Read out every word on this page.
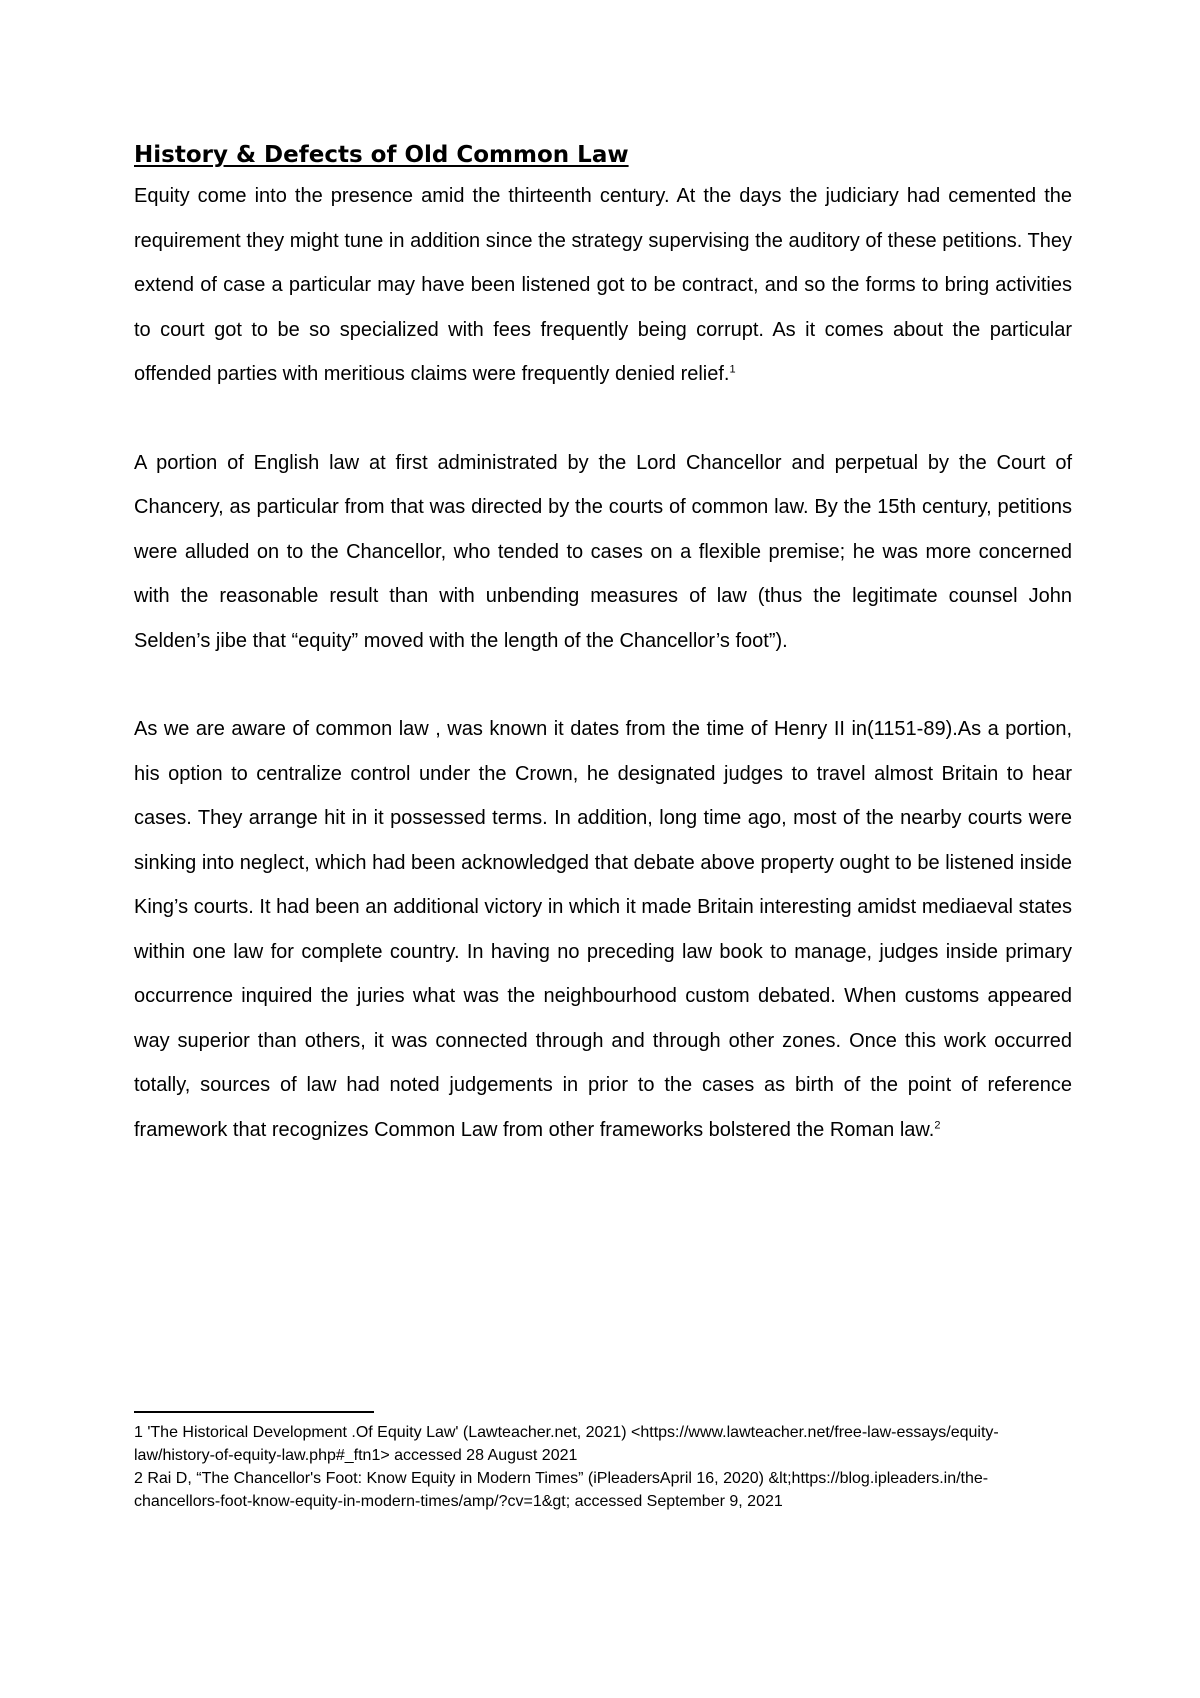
History & Defects of Old Common Law

Equity come into the presence amid the thirteenth century. At the days the judiciary had cemented the requirement they might tune in addition since the strategy supervising the auditory of these petitions. They extend of case a particular may have been listened got to be contract, and so the forms to bring activities to court got to be so specialized with fees frequently being corrupt. As it comes about the particular offended parties with meritious claims were frequently denied relief.$^1$

A portion of English law at first administrated by the Lord Chancellor and perpetual by the Court of Chancery, as particular from that was directed by the courts of common law. By the 15th century, petitions were alluded on to the Chancellor, who tended to cases on a flexible premise; he was more concerned with the reasonable result than with unbending measures of law (thus the legitimate counsel John Selden’s jibe that “equity” moved with the length of the Chancellor’s foot”).

As we are aware of common law , was known it dates from the time of Henry II in(1151-89).As a portion, his option to centralize control under the Crown, he designated judges to travel almost Britain to hear cases. They arrange hit in it possessed terms. In addition, long time ago, most of the nearby courts were sinking into neglect, which had been acknowledged that debate above property ought to be listened inside King’s courts. It had been an additional victory in which it made Britain interesting amidst mediaeval states within one law for complete country. In having no preceding law book to manage, judges inside primary occurrence inquired the juries what was the neighbourhood custom debated. When customs appeared way superior than others, it was connected through and through other zones. Once this work occurred totally, sources of law had noted judgements in prior to the cases as birth of the point of reference framework that recognizes Common Law from other frameworks bolstered the Roman law.$^2$

1 'The Historical Development .Of Equity Law' (Lawteacher.net, 2021) <https://www.lawteacher.net/free-law-essays/equity-law/history-of-equity-law.php#_ftn1> accessed 28 August 2021

2 Rai D, “The Chancellor's Foot: Know Equity in Modern Times” (iPleadersApril 16, 2020) &lt;https://blog.ipleaders.in/the-chancellors-foot-know-equity-in-modern-times/amp/?cv=1&gt; accessed September 9, 2021
